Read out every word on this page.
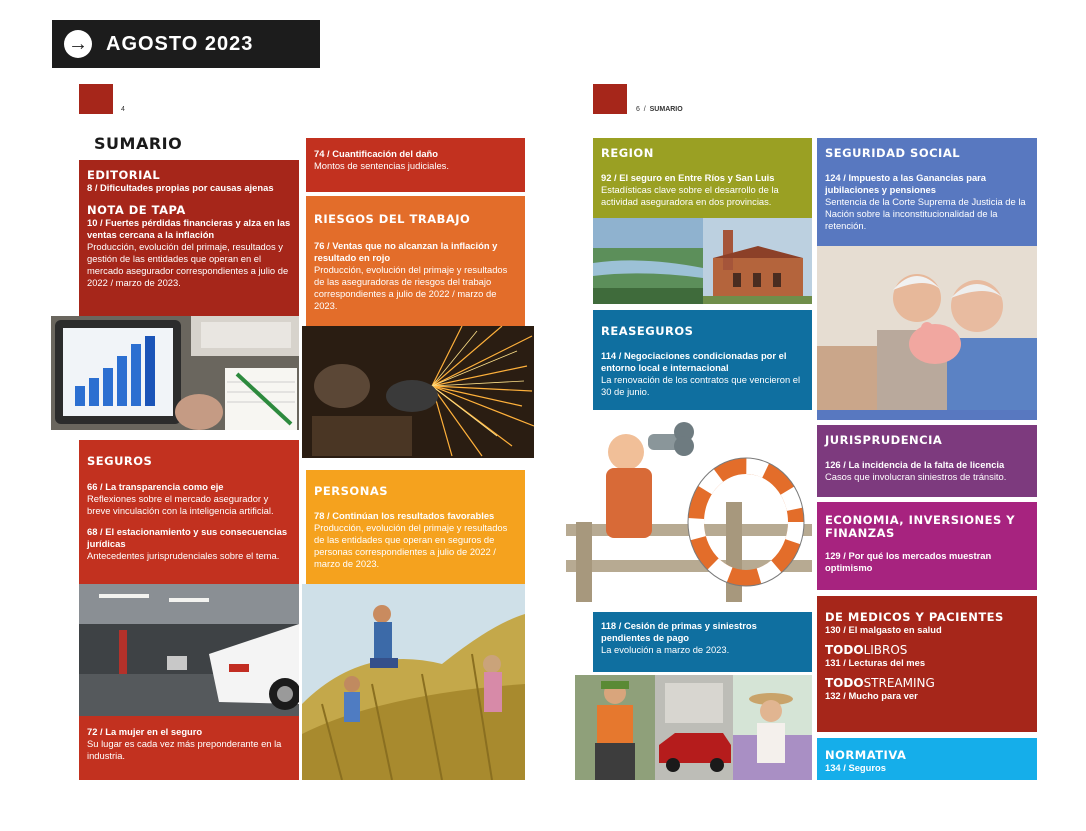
→ AGOSTO 2023
4	6 / SUMARIO
SUMARIO
EDITORIAL
8 / Dificultades propias por causas ajenas
NOTA DE TAPA
10 / Fuertes pérdidas financieras y alza en las ventas cercana a la inflación
Producción, evolución del primaje, resultados y gestión de las entidades que operan en el mercado asegurador correspondientes a julio de 2022 / marzo de 2023.
SEGUROS
66 / La transparencia como eje
Reflexiones sobre el mercado asegurador y breve vinculación con la inteligencia artificial.
68 / El estacionamiento y sus consecuencias jurídicas
Antecedentes jurisprudenciales sobre el tema.
72 / La mujer en el seguro
Su lugar es cada vez más preponderante en la industria.
74 / Cuantificación del daño
Montos de sentencias judiciales.
RIESGOS DEL TRABAJO
76 / Ventas que no alcanzan la inflación y resultado en rojo
Producción, evolución del primaje y resultados de las aseguradoras de riesgos del trabajo correspondientes a julio de 2022 / marzo de 2023.
PERSONAS
78 / Continúan los resultados favorables
Producción, evolución del primaje y resultados de las entidades que operan en seguros de personas correspondientes a julio de 2022 / marzo de 2023.
REGION
92 / El seguro en Entre Ríos y San Luis
Estadísticas clave sobre el desarrollo de la actividad aseguradora en dos provincias.
SEGURIDAD SOCIAL
124 / Impuesto a las Ganancias para jubilaciones y pensiones
Sentencia de la Corte Suprema de Justicia de la Nación sobre la inconstitucionalidad de la retención.
REASEGUROS
114 / Negociaciones condicionadas por el entorno local e internacional
La renovación de los contratos que vencieron el 30 de junio.
118 / Cesión de primas y siniestros pendientes de pago
La evolución a marzo de 2023.
JURISPRUDENCIA
126 / La incidencia de la falta de licencia
Casos que involucran siniestros de tránsito.
ECONOMIA, INVERSIONES Y FINANZAS
129 / Por qué los mercados muestran optimismo
DE MEDICOS Y PACIENTES
130 / El malgasto en salud
TODOLIBROS
131 / Lecturas del mes
TODOSTREAMING
132 / Mucho para ver
NORMATIVA
134 / Seguros
